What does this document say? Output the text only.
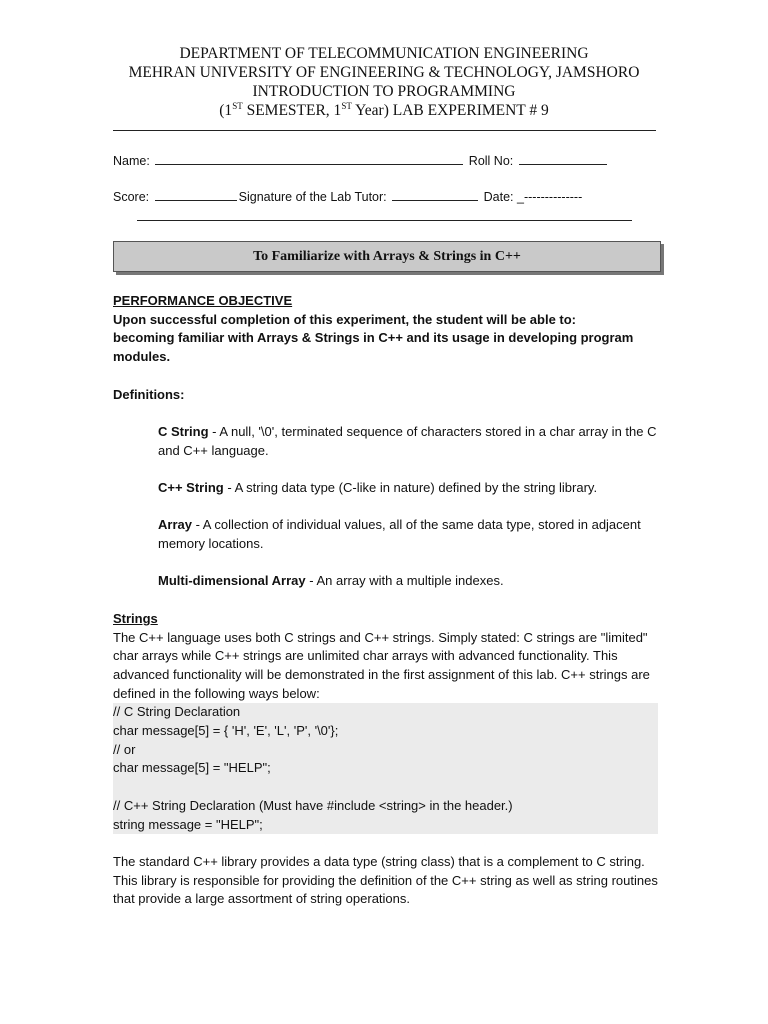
DEPARTMENT OF TELECOMMUNICATION ENGINEERING
MEHRAN UNIVERSITY OF ENGINEERING & TECHNOLOGY, JAMSHORO
INTRODUCTION TO PROGRAMMING
(1ST SEMESTER, 1ST Year) LAB EXPERIMENT # 9
Name:	Roll No:
Score:	Signature of the Lab Tutor:	Date: _--------------
To Familiarize with Arrays & Strings in C++

PERFORMANCE OBJECTIVE

Upon successful completion of this experiment, the student will be able to:

becoming familiar with Arrays & Strings in C++ and its usage in developing program modules.

Definitions:

C String - A null, '\0', terminated sequence of characters stored in a char array in the C and C++ language.

C++ String - A string data type (C-like in nature) defined by the string library.

Array - A collection of individual values, all of the same data type, stored in adjacent memory locations.

Multi-dimensional Array - An array with a multiple indexes.

Strings

The C++ language uses both C strings and C++ strings. Simply stated: C strings are "limited" char arrays while C++ strings are unlimited char arrays with advanced functionality. This advanced functionality will be demonstrated in the first assignment of this lab. C++ strings are defined in the following ways below:

// C String Declaration
char message[5] = { 'H', 'E', 'L', 'P', '\0'};
// or
char message[5] = "HELP";
// C++ String Declaration (Must have #include <string> in the header.)
string message = "HELP";

The standard C++ library provides a data type (string class) that is a complement to C string. This library is responsible for providing the definition of the C++ string as well as string routines that provide a large assortment of string operations.
